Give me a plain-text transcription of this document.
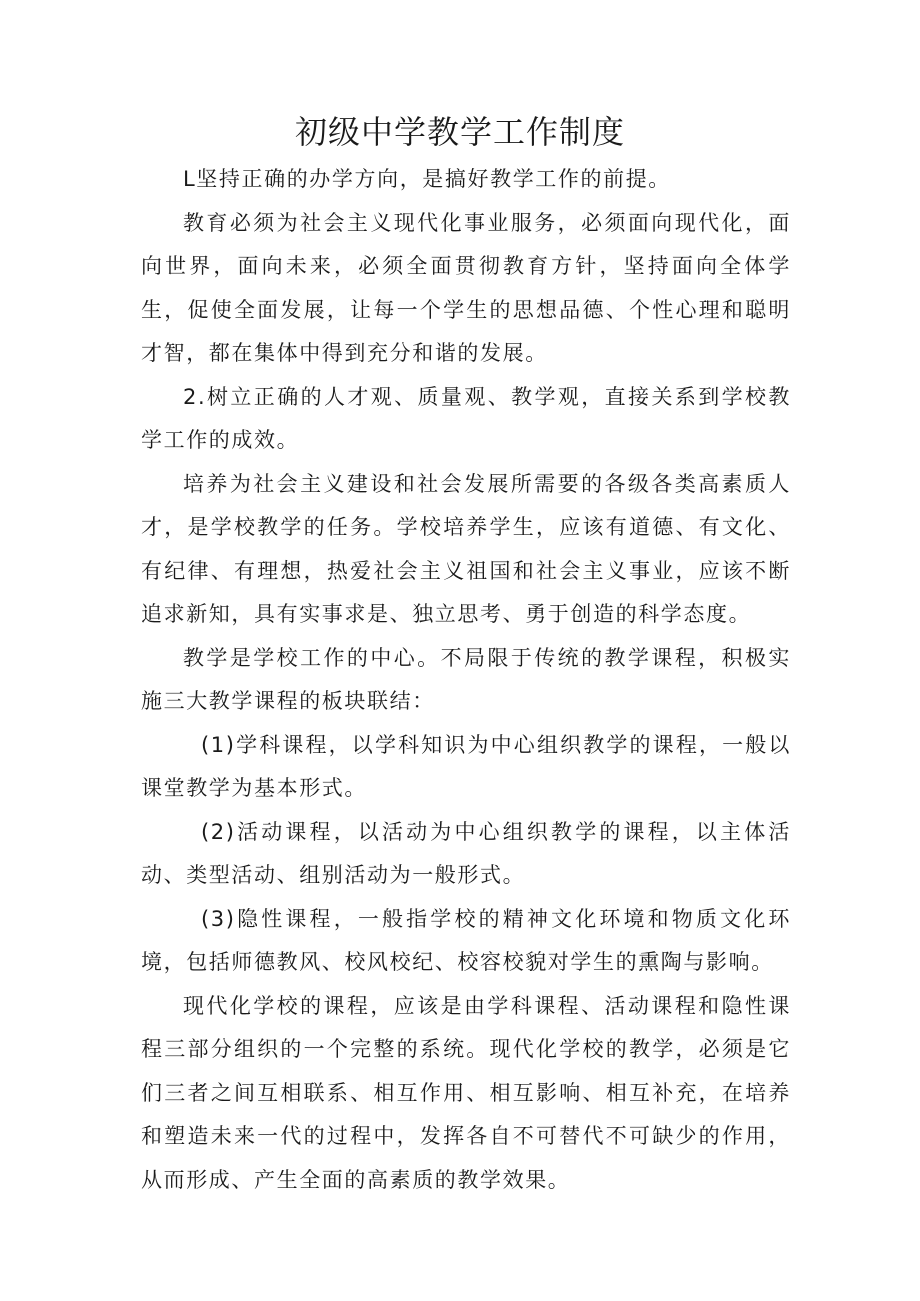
初级中学教学工作制度

L坚持正确的办学方向，是搞好教学工作的前提。

教育必须为社会主义现代化事业服务，必须面向现代化，面向世界，面向未来，必须全面贯彻教育方针，坚持面向全体学生，促使全面发展，让每一个学生的思想品德、个性心理和聪明才智，都在集体中得到充分和谐的发展。

2.树立正确的人才观、质量观、教学观，直接关系到学校教学工作的成效。

培养为社会主义建设和社会发展所需要的各级各类高素质人才，是学校教学的任务。学校培养学生，应该有道德、有文化、有纪律、有理想，热爱社会主义祖国和社会主义事业，应该不断追求新知，具有实事求是、独立思考、勇于创造的科学态度。

教学是学校工作的中心。不局限于传统的教学课程，积极实施三大教学课程的板块联结：

(1)学科课程，以学科知识为中心组织教学的课程，一般以课堂教学为基本形式。

(2)活动课程，以活动为中心组织教学的课程，以主体活动、类型活动、组别活动为一般形式。

(3)隐性课程，一般指学校的精神文化环境和物质文化环境，包括师德教风、校风校纪、校容校貌对学生的熏陶与影响。

现代化学校的课程，应该是由学科课程、活动课程和隐性课程三部分组织的一个完整的系统。现代化学校的教学，必须是它们三者之间互相联系、相互作用、相互影响、相互补充，在培养和塑造未来一代的过程中，发挥各自不可替代不可缺少的作用，从而形成、产生全面的高素质的教学效果。
